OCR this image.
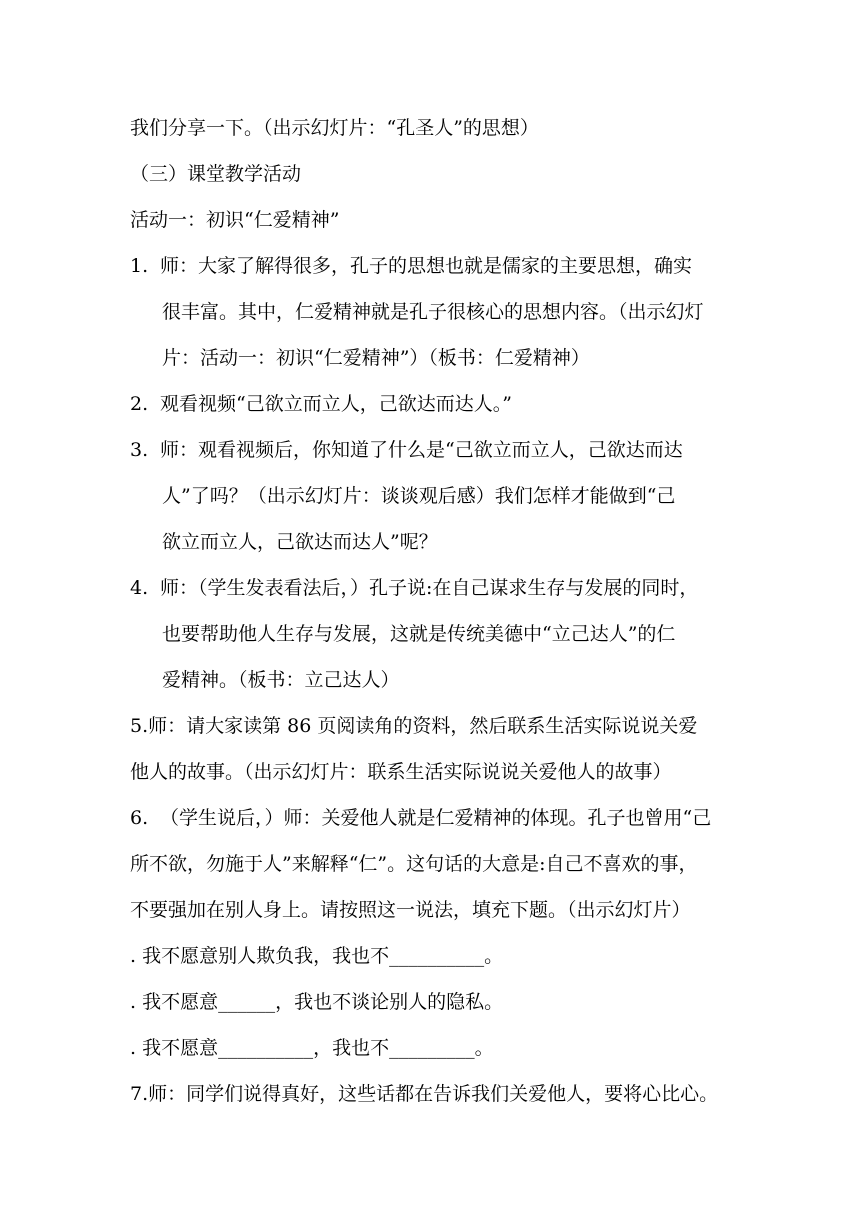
我们分享一下。（出示幻灯片：“孔圣人”的思想）
（三）课堂教学活动
活动一：初识“仁爱精神”
1. 师：大家了解得很多，孔子的思想也就是儒家的主要思想，确实
很丰富。其中，仁爱精神就是孔子很核心的思想内容。（出示幻灯
片：活动一：初识“仁爱精神”）（板书：仁爱精神）
2. 观看视频“己欲立而立人，己欲达而达人。”
3. 师：观看视频后，你知道了什么是“己欲立而立人，己欲达而达
人”了吗？（出示幻灯片：谈谈观后感）我们怎样才能做到“己
欲立而立人，己欲达而达人”呢？
4. 师：（学生发表看法后，）孔子说:在自己谋求生存与发展的同时，
也要帮助他人生存与发展，这就是传统美德中“立己达人”的仁
爱精神。（板书：立己达人）
5.师：请大家读第 86 页阅读角的资料，然后联系生活实际说说关爱
他人的故事。（出示幻灯片：联系生活实际说说关爱他人的故事）
6. （学生说后，）师：关爱他人就是仁爱精神的体现。孔子也曾用“己
所不欲，勿施于人”来解释“仁”。这句话的大意是:自己不喜欢的事，
不要强加在别人身上。请按照这一说法，填充下题。（出示幻灯片）
. 我不愿意别人欺负我，我也不__________。
. 我不愿意______，我也不谈论别人的隐私。
. 我不愿意__________，我也不_________。
7.师：同学们说得真好，这些话都在告诉我们关爱他人，要将心比心。
